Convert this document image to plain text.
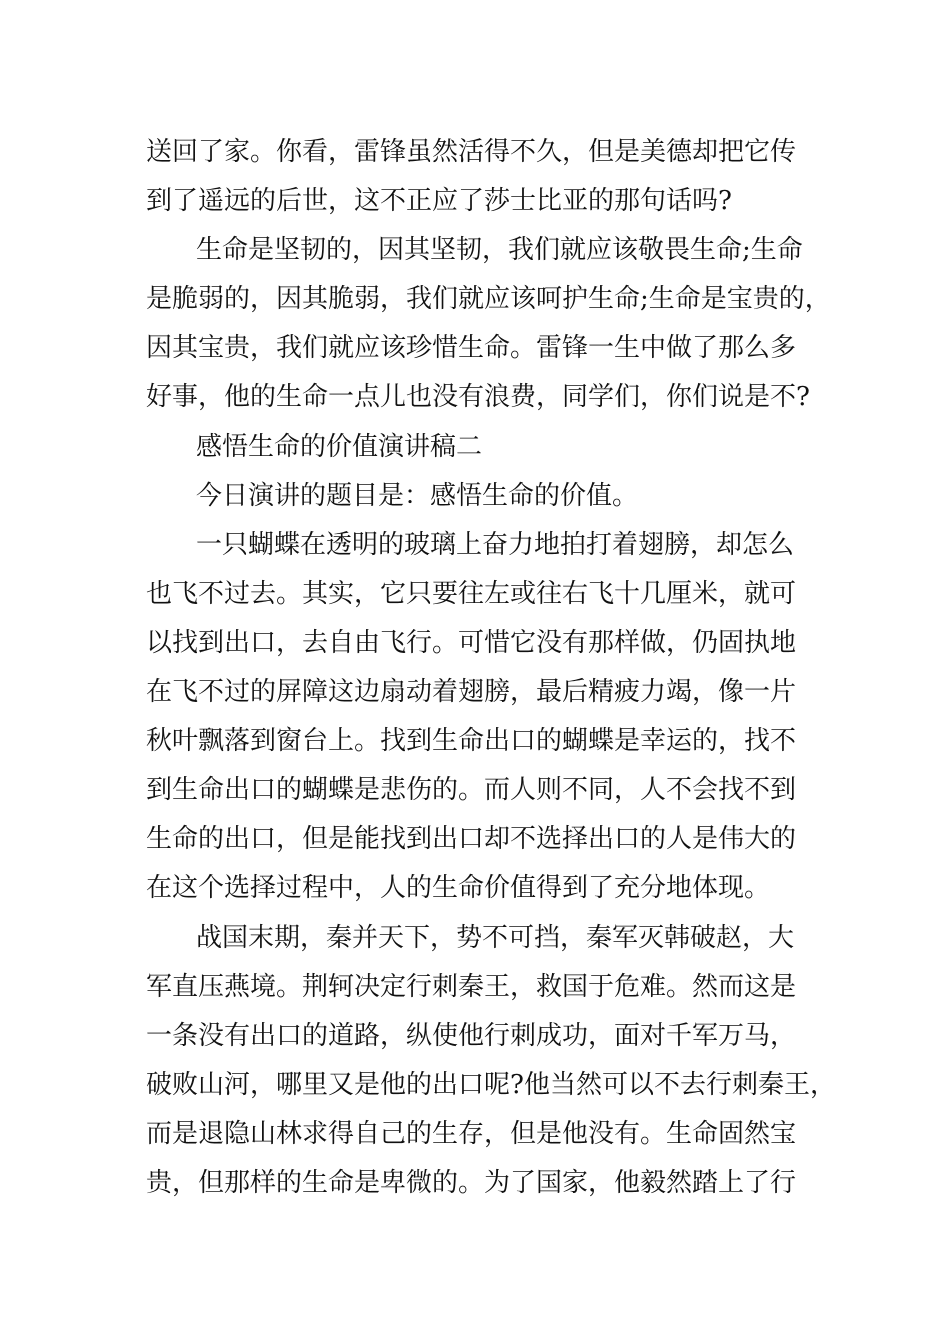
送回了家。你看，雷锋虽然活得不久，但是美德却把它传
到了遥远的后世，这不正应了莎士比亚的那句话吗?
生命是坚韧的，因其坚韧，我们就应该敬畏生命;生命
是脆弱的，因其脆弱，我们就应该呵护生命;生命是宝贵的，
因其宝贵，我们就应该珍惜生命。雷锋一生中做了那么多
好事，他的生命一点儿也没有浪费，同学们，你们说是不?
感悟生命的价值演讲稿二
今日演讲的题目是：感悟生命的价值。
一只蝴蝶在透明的玻璃上奋力地拍打着翅膀，却怎么
也飞不过去。其实，它只要往左或往右飞十几厘米，就可
以找到出口，去自由飞行。可惜它没有那样做，仍固执地
在飞不过的屏障这边扇动着翅膀，最后精疲力竭，像一片
秋叶飘落到窗台上。找到生命出口的蝴蝶是幸运的，找不
到生命出口的蝴蝶是悲伤的。而人则不同，人不会找不到
生命的出口，但是能找到出口却不选择出口的人是伟大的
在这个选择过程中，人的生命价值得到了充分地体现。
战国末期，秦并天下，势不可挡，秦军灭韩破赵，大
军直压燕境。荆轲决定行刺秦王，救国于危难。然而这是
一条没有出口的道路，纵使他行刺成功，面对千军万马，
破败山河，哪里又是他的出口呢?他当然可以不去行刺秦王，
而是退隐山林求得自己的生存，但是他没有。生命固然宝
贵，但那样的生命是卑微的。为了国家，他毅然踏上了行
